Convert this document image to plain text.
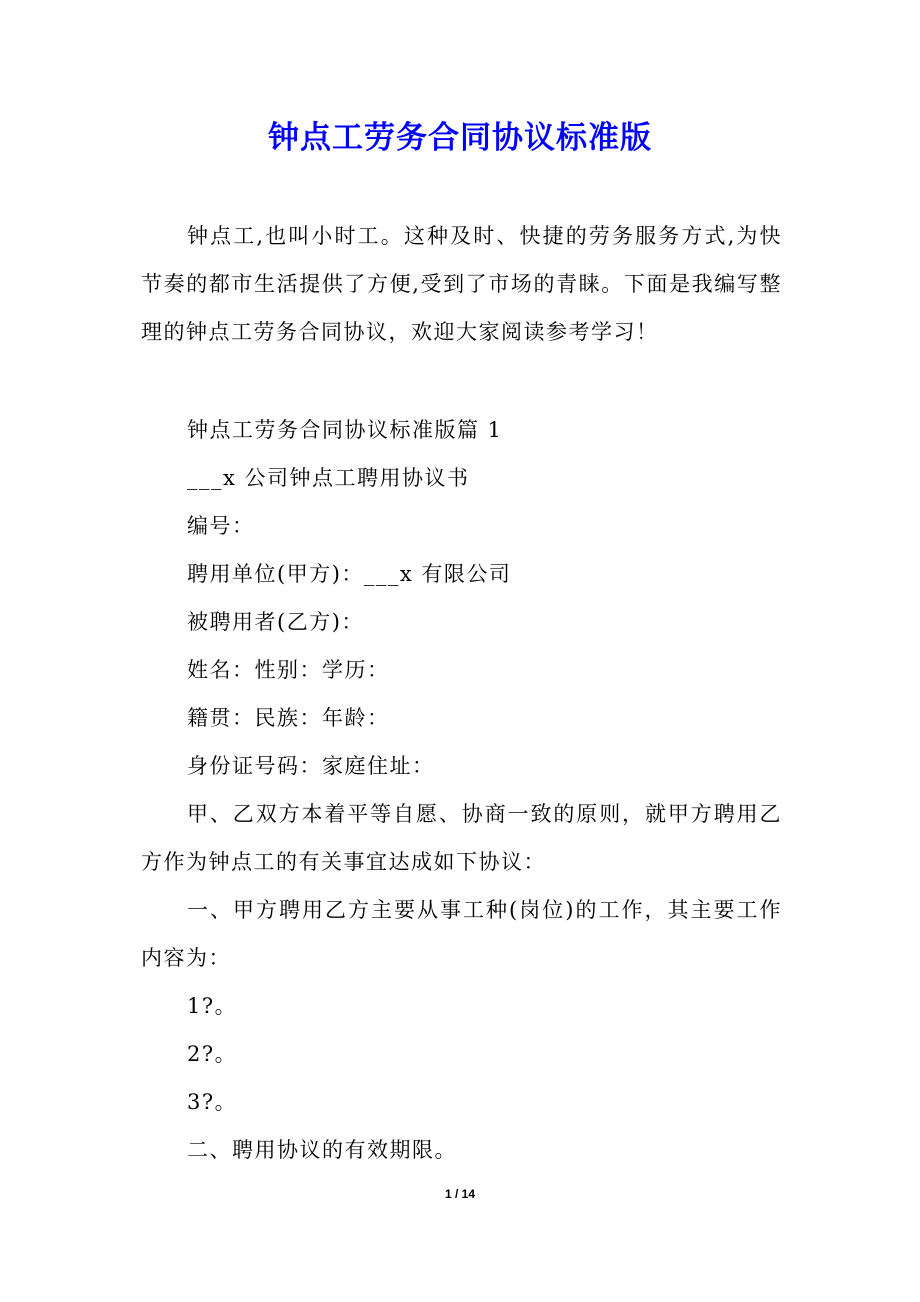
钟点工劳务合同协议标准版

钟点工,也叫小时工。这种及时、快捷的劳务服务方式,为快节奏的都市生活提供了方便,受到了市场的青睐。下面是我编写整理的钟点工劳务合同协议，欢迎大家阅读参考学习！

钟点工劳务合同协议标准版篇 1

___x 公司钟点工聘用协议书

编号：

聘用单位(甲方)：___x 有限公司

被聘用者(乙方)：

姓名：性别：学历：

籍贯：民族：年龄：

身份证号码：家庭住址：

甲、乙双方本着平等自愿、协商一致的原则，就甲方聘用乙方作为钟点工的有关事宜达成如下协议：

一、甲方聘用乙方主要从事工种(岗位)的工作，其主要工作内容为：

1?。

2?。

3?。

二、聘用协议的有效期限。

1 / 14
